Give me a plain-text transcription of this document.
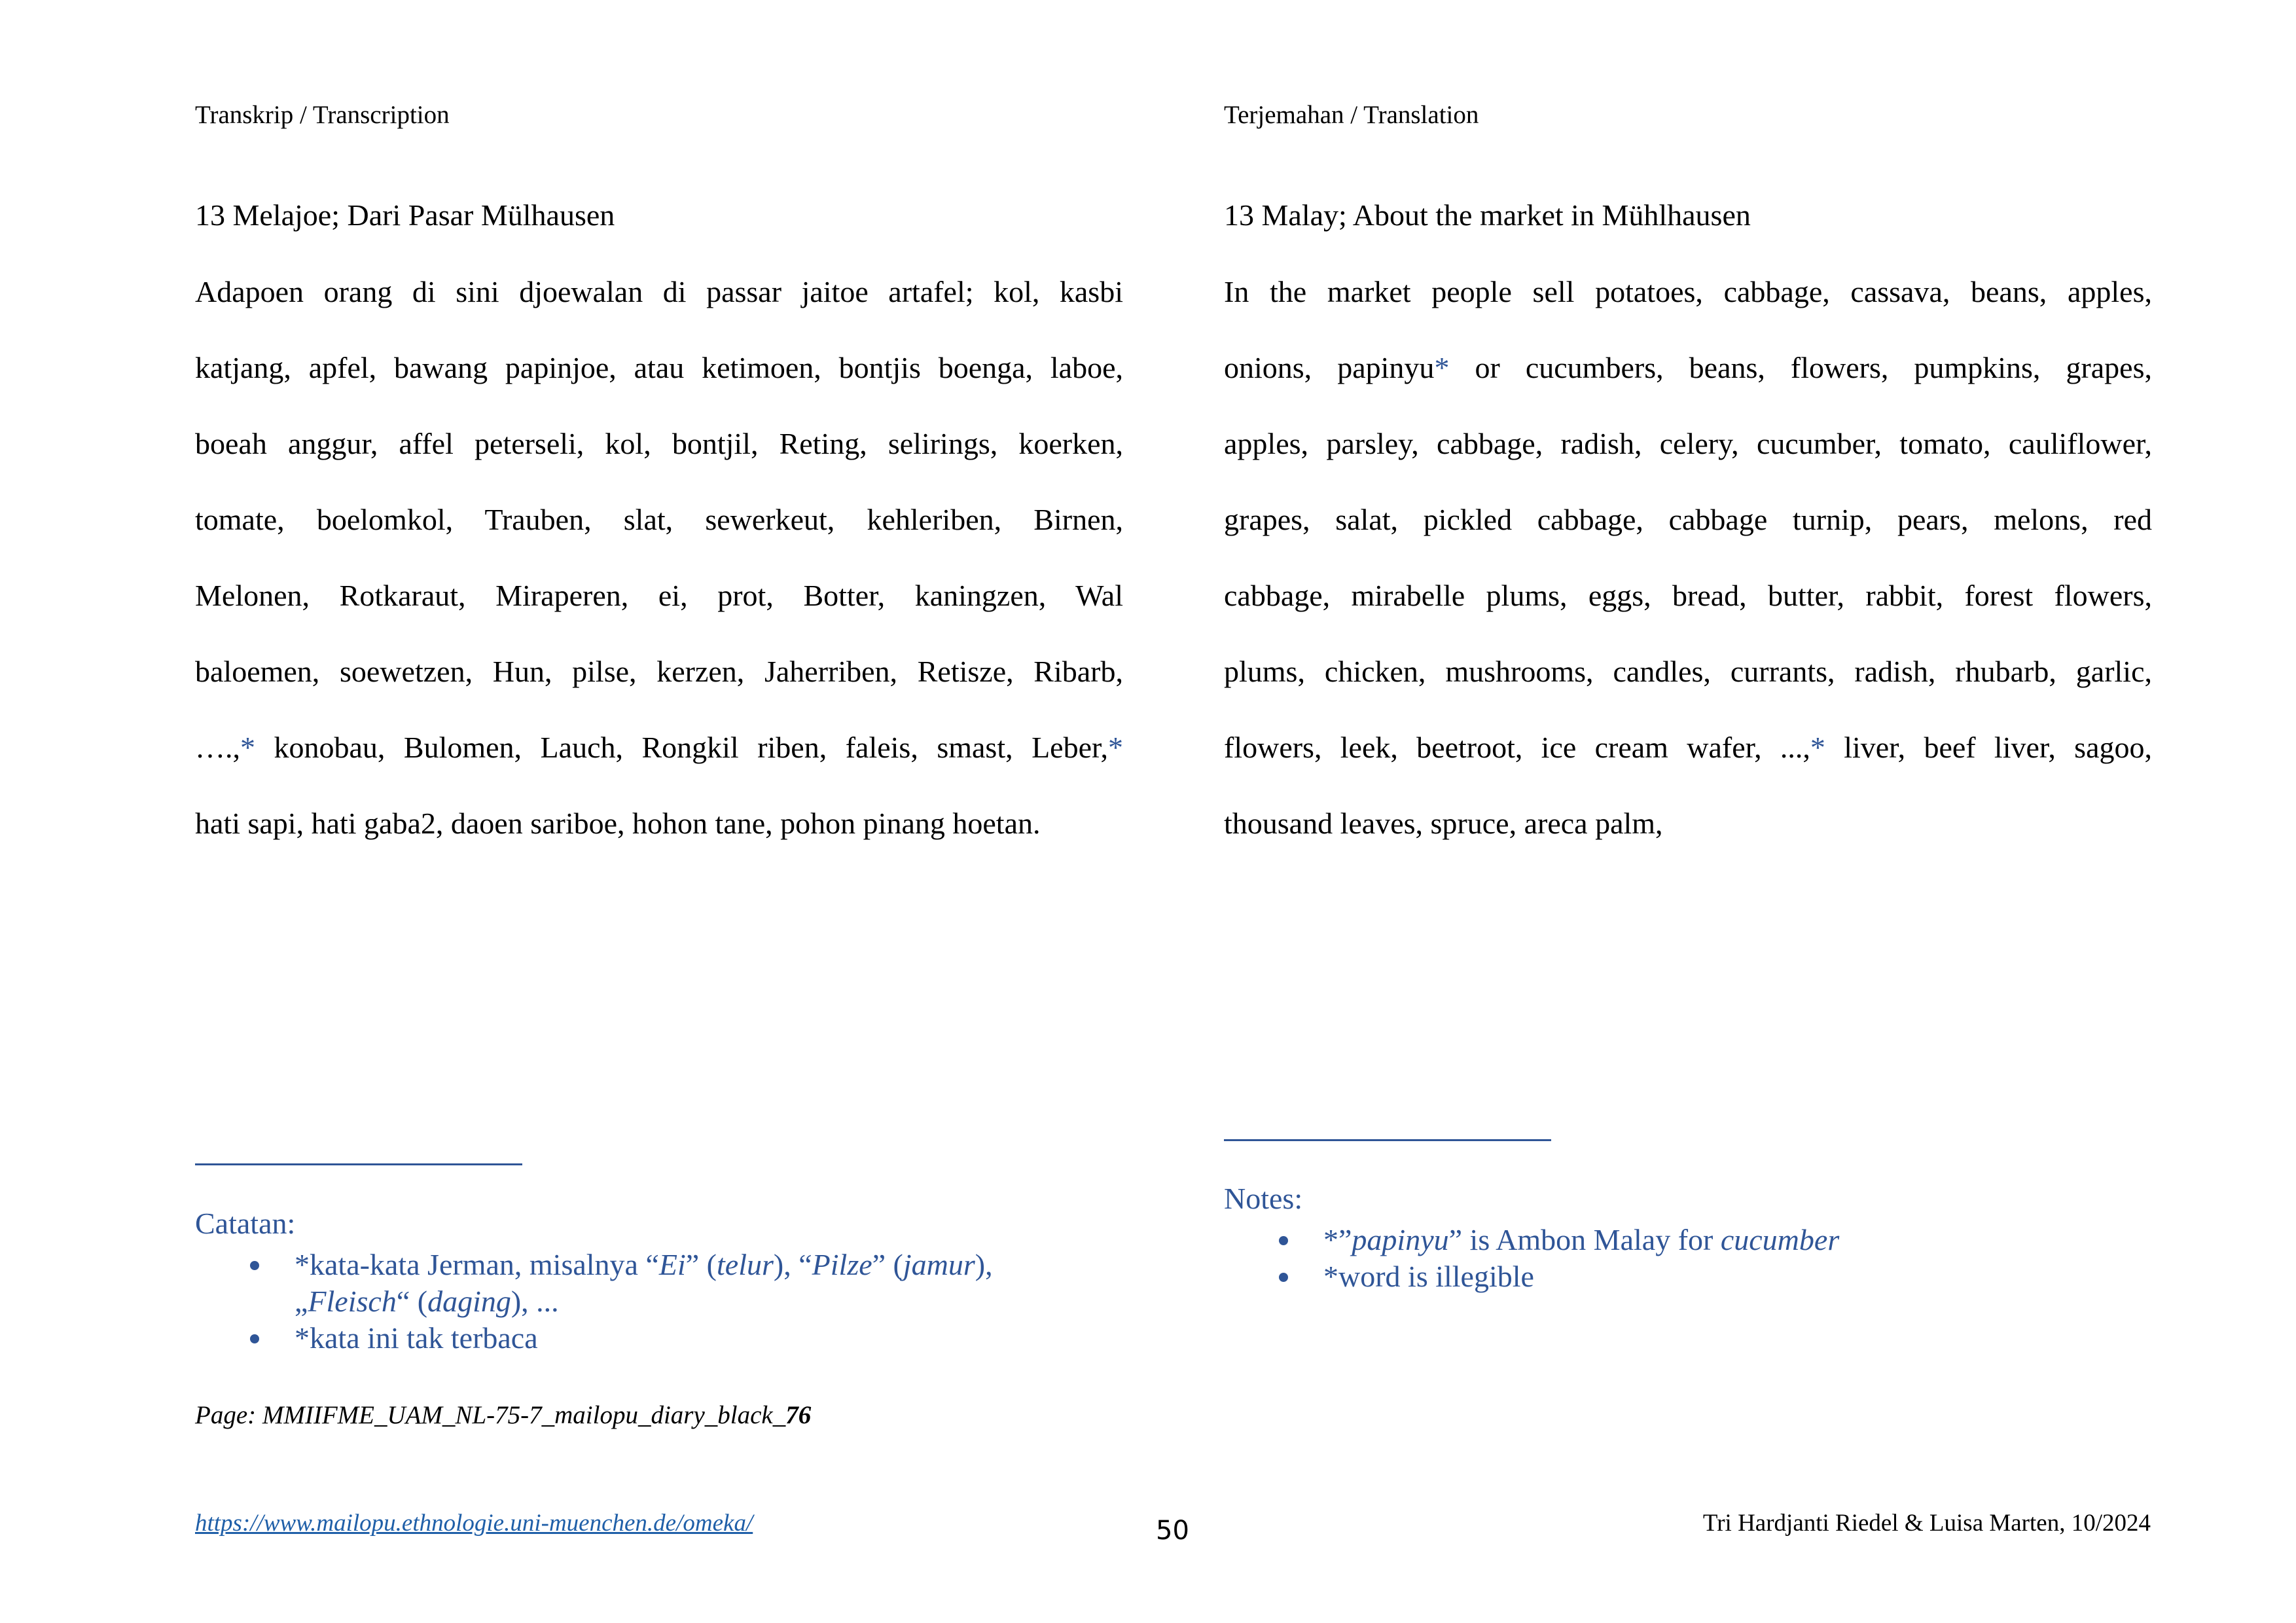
Transkrip / Transcription
13 Melajoe; Dari Pasar Mülhausen
Adapoen orang di sini djoewalan di passar jaitoe artafel; kol, kasbi
katjang, apfel, bawang papinjoe, atau ketimoen, bontjis boenga, laboe,
boeah anggur, affel peterseli, kol, bontjil, Reting, selirings, koerken,
tomate, boelomkol, Trauben, slat, sewerkeut, kehleriben, Birnen,
Melonen, Rotkaraut, Miraperen, ei, prot, Botter, kaningzen, Wal
baloemen, soewetzen, Hun, pilse, kerzen, Jaherriben, Retisze, Ribarb,
….,* konobau, Bulomen, Lauch, Rongkil riben, faleis, smast, Leber,*
hati sapi, hati gaba2, daoen sariboe, hohon tane, pohon pinang hoetan.
Catatan:
*kata-kata Jerman, misalnya “Ei” (telur), “Pilze” (jamur),
„Fleisch“ (daging), ...
*kata ini tak terbaca
Page: MMIIFME_UAM_NL-75-7_mailopu_diary_black_76
Terjemahan / Translation
13 Malay; About the market in Mühlhausen
In the market people sell potatoes, cabbage, cassava, beans, apples,
onions, papinyu* or cucumbers, beans, flowers, pumpkins, grapes,
apples, parsley, cabbage, radish, celery, cucumber, tomato, cauliflower,
grapes, salat, pickled cabbage, cabbage turnip, pears, melons, red
cabbage, mirabelle plums, eggs, bread, butter, rabbit, forest flowers,
plums, chicken, mushrooms, candles, currants, radish, rhubarb, garlic,
flowers, leek, beetroot, ice cream wafer, ...,* liver, beef liver, sagoo,
thousand leaves, spruce, areca palm,
Notes:
*”papinyu” is Ambon Malay for cucumber
*word is illegible
https://www.mailopu.ethnologie.uni-muenchen.de/omeka/	50	Tri Hardjanti Riedel & Luisa Marten, 10/2024
